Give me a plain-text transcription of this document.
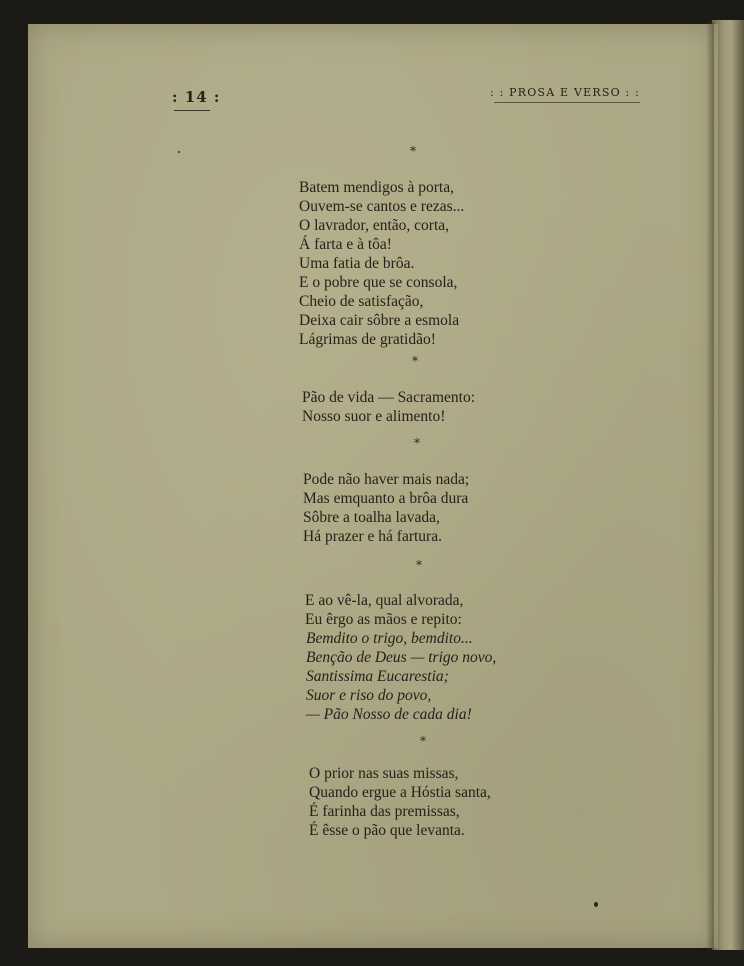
: 14 :	: : PROSA E VERSO : :
*
Batem mendigos à porta,
Ouvem-se cantos e rezas...
O lavrador, então, corta,
Á farta e à tôa!
Uma fatia de brôa.
E o pobre que se consola,
Cheio de satisfação,
Deixa cair sôbre a esmola
Lágrimas de gratidão!
*
Pão de vida — Sacramento:
Nosso suor e alimento!
*
Pode não haver mais nada;
Mas emquanto a brôa dura
Sôbre a toalha lavada,
Há prazer e há fartura.
*
E ao vê-la, qual alvorada,
Eu êrgo as mãos e repito:
Bemdito o trigo, bemdito...
Benção de Deus — trigo novo,
Santissima Eucarestia;
Suor e riso do povo,
— Pão Nosso de cada dia!
*
O prior nas suas missas,
Quando ergue a Hóstia santa,
É farinha das premissas,
É êsse o pão que levanta.
